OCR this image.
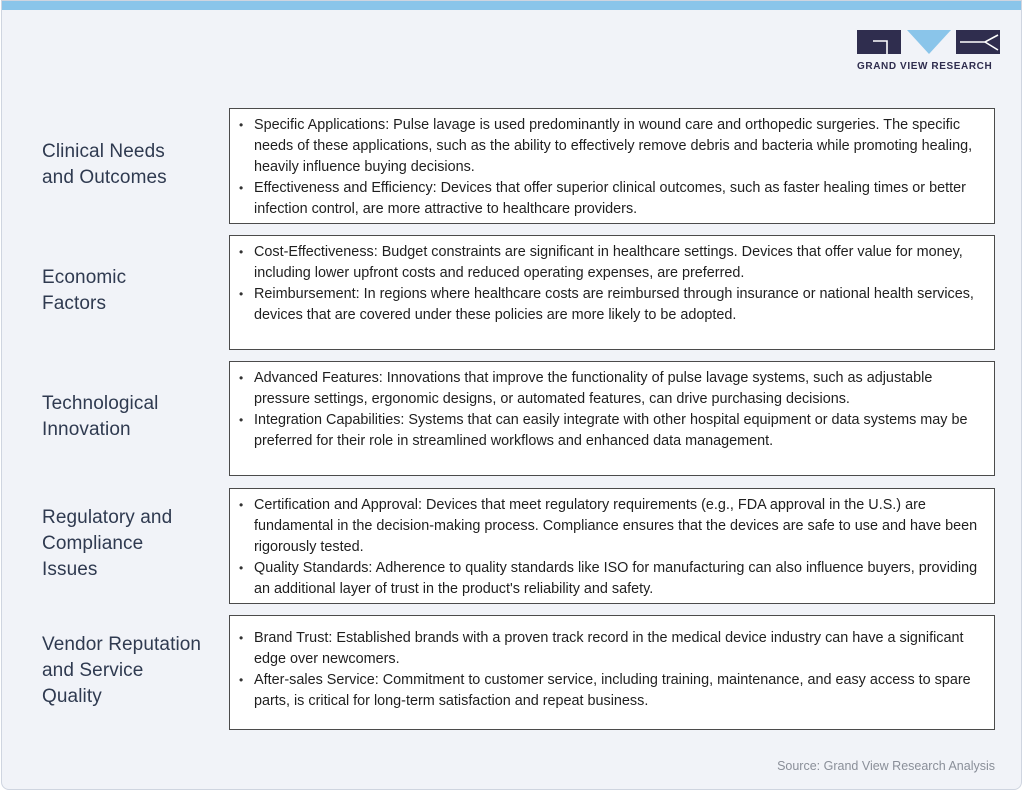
GRAND VIEW RESEARCH
Clinical Needs
and Outcomes
• Specific Applications: Pulse lavage is used predominantly in wound care and orthopedic surgeries. The specific needs of these applications, such as the ability to effectively remove debris and bacteria while promoting healing, heavily influence buying decisions.
• Effectiveness and Efficiency: Devices that offer superior clinical outcomes, such as faster healing times or better infection control, are more attractive to healthcare providers.
Economic
Factors
• Cost-Effectiveness: Budget constraints are significant in healthcare settings. Devices that offer value for money, including lower upfront costs and reduced operating expenses, are preferred.
• Reimbursement: In regions where healthcare costs are reimbursed through insurance or national health services, devices that are covered under these policies are more likely to be adopted.
Technological
Innovation
• Advanced Features: Innovations that improve the functionality of pulse lavage systems, such as adjustable pressure settings, ergonomic designs, or automated features, can drive purchasing decisions.
• Integration Capabilities: Systems that can easily integrate with other hospital equipment or data systems may be preferred for their role in streamlined workflows and enhanced data management.
Regulatory and
Compliance
Issues
• Certification and Approval: Devices that meet regulatory requirements (e.g., FDA approval in the U.S.) are fundamental in the decision-making process. Compliance ensures that the devices are safe to use and have been rigorously tested.
• Quality Standards: Adherence to quality standards like ISO for manufacturing can also influence buyers, providing an additional layer of trust in the product's reliability and safety.
Vendor Reputation
and Service
Quality
• Brand Trust: Established brands with a proven track record in the medical device industry can have a significant edge over newcomers.
• After-sales Service: Commitment to customer service, including training, maintenance, and easy access to spare parts, is critical for long-term satisfaction and repeat business.
Source: Grand View Research Analysis
